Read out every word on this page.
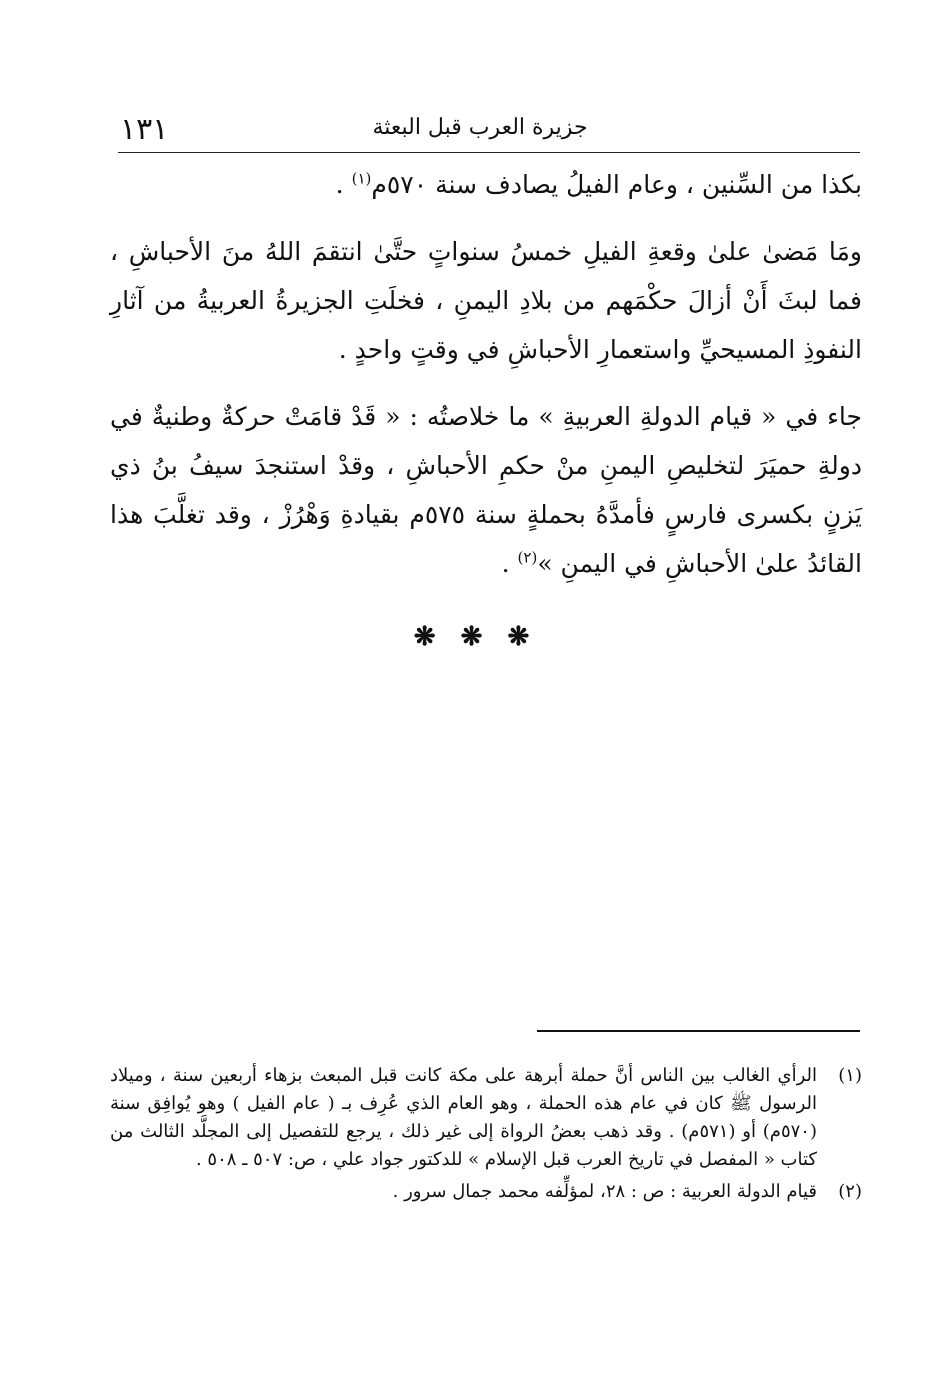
١٣١	جزيرة العرب قبل البعثة

بكذا من السِّنين ، وعام الفيلُ يصادف سنة ٥٧٠م$^{(١)}$ .

ومَا مَضىٰ علىٰ وقعةِ الفيلِ خمسُ سنواتٍ حتَّىٰ انتقمَ اللهُ منَ الأحباشِ ، فما لبثَ أَنْ أزالَ حكْمَهم من بلادِ اليمنِ ، فخلَتِ الجزيرةُ العربيةُ من آثارِ النفوذِ المسيحيِّ واستعمارِ الأحباشِ في وقتٍ واحدٍ .

جاء في « قيام الدولةِ العربيةِ » ما خلاصتُه : « قَدْ قامَتْ حركةٌ وطنيةٌ في دولةِ حميَرَ لتخليصِ اليمنِ منْ حكمِ الأحباشِ ، وقدْ استنجدَ سيفُ بنُ ذي يَزنٍ بكسرى فارسٍ فأمدَّهُ بحملةٍ سنة ٥٧٥م بقيادةِ وَهْرُزْ ، وقد تغلَّبَ هذا القائدُ علىٰ الأحباشِ في اليمنِ »$^{(٢)}$ .

❋ ❋ ❋
(١)
الرأي الغالب بين الناس أنَّ حملة أبرهة على مكة كانت قبل المبعث بزهاء أربعين سنة ، وميلاد الرسول ﷺ كان في عام هذه الحملة ، وهو العام الذي عُرِف بـ ( عام الفيل ) وهو يُوافِق سنة (٥٧٠م) أو (٥٧١م) . وقد ذهب بعضُ الرواة إلى غير ذلك ، يرجع للتفصيل إلى المجلَّد الثالث من كتاب « المفصل في تاريخ العرب قبل الإسلام » للدكتور جواد علي ، ص: ٥٠٧ ـ ٥٠٨ .
(٢)
قيام الدولة العربية : ص : ٢٨، لمؤلِّفه محمد جمال سرور .
